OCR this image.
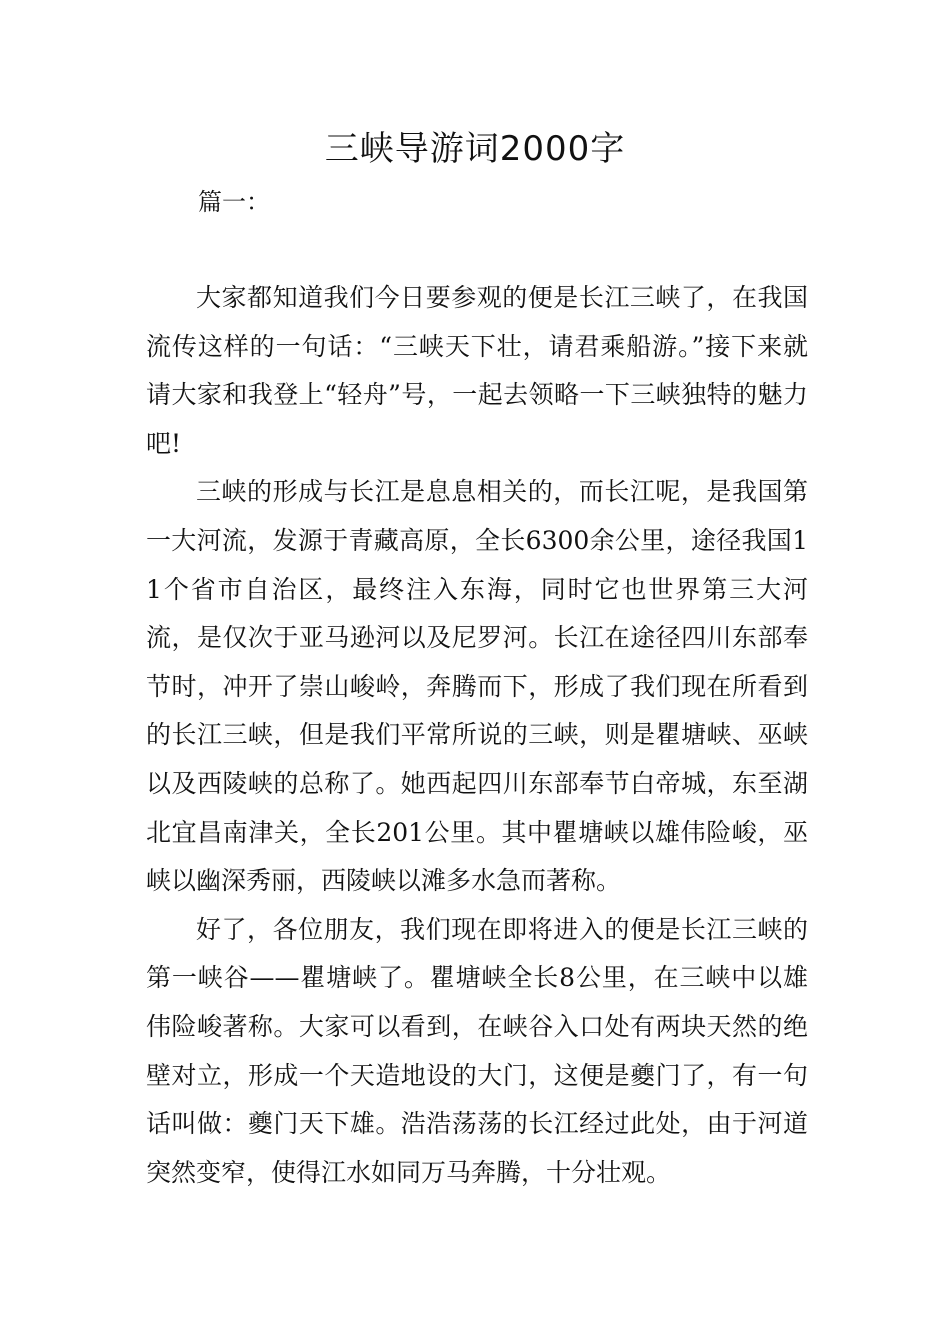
三峡导游词2000字

篇一：

大家都知道我们今日要参观的便是长江三峡了，在我国流传这样的一句话：“三峡天下壮，请君乘船游。”接下来就请大家和我登上“轻舟”号，一起去领略一下三峡独特的魅力吧!

三峡的形成与长江是息息相关的，而长江呢，是我国第一大河流，发源于青藏高原，全长6300余公里，途径我国11个省市自治区，最终注入东海，同时它也世界第三大河流，是仅次于亚马逊河以及尼罗河。长江在途径四川东部奉节时，冲开了崇山峻岭，奔腾而下，形成了我们现在所看到的长江三峡，但是我们平常所说的三峡，则是瞿塘峡、巫峡以及西陵峡的总称了。她西起四川东部奉节白帝城，东至湖北宜昌南津关，全长201公里。其中瞿塘峡以雄伟险峻，巫峡以幽深秀丽，西陵峡以滩多水急而著称。

好了，各位朋友，我们现在即将进入的便是长江三峡的第一峡谷——瞿塘峡了。瞿塘峡全长8公里，在三峡中以雄伟险峻著称。大家可以看到，在峡谷入口处有两块天然的绝壁对立，形成一个天造地设的大门，这便是夔门了，有一句话叫做：夔门天下雄。浩浩荡荡的长江经过此处，由于河道突然变窄，使得江水如同万马奔腾，十分壮观。
